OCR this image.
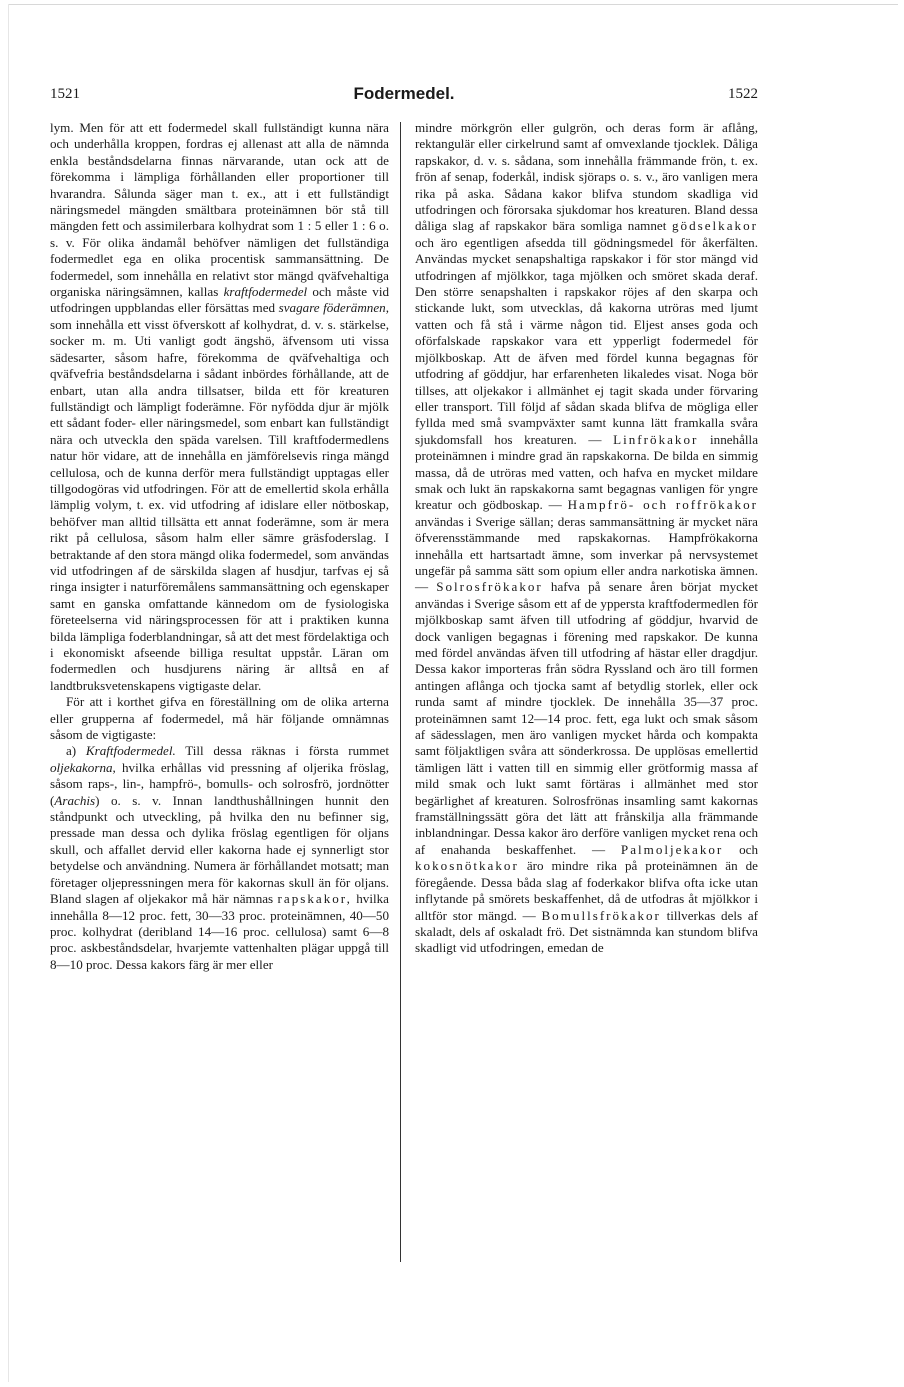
1521	Fodermedel.	1522

lym. Men för att ett fodermedel skall fullständigt kunna nära och underhålla kroppen, fordras ej allenast att alla de nämnda enkla beståndsdelarna finnas närvarande, utan ock att de förekomma i lämpliga förhållanden eller proportioner till hvarandra. Sålunda säger man t. ex., att i ett fullständigt näringsmedel mängden smältbara proteinämnen bör stå till mängden fett och assimilerbara kolhydrat som 1 : 5 eller 1 : 6 o. s. v. För olika ändamål behöfver nämligen det fullständiga fodermedlet ega en olika procentisk sammansättning. De fodermedel, som innehålla en relativt stor mängd qväfvehaltiga organiska näringsämnen, kallas kraftfodermedel och måste vid utfodringen uppblandas eller försättas med svagare föderämnen, som innehålla ett visst öfverskott af kolhydrat, d. v. s. stärkelse, socker m. m. Uti vanligt godt ängshö, äfvensom uti vissa sädesarter, såsom hafre, förekomma de qväfvehaltiga och qväfvefria beståndsdelarna i sådant inbördes förhållande, att de enbart, utan alla andra tillsatser, bilda ett för kreaturen fullständigt och lämpligt foderämne. För nyfödda djur är mjölk ett sådant foder- eller näringsmedel, som enbart kan fullständigt nära och utveckla den späda varelsen. Till kraftfodermedlens natur hör vidare, att de innehålla en jämförelsevis ringa mängd cellulosa, och de kunna derför mera fullständigt upptagas eller tillgodogöras vid utfodringen. För att de emellertid skola erhålla lämplig volym, t. ex. vid utfodring af idislare eller nötboskap, behöfver man alltid tillsätta ett annat foderämne, som är mera rikt på cellulosa, såsom halm eller sämre gräsfoderslag. I betraktande af den stora mängd olika fodermedel, som användas vid utfodringen af de särskilda slagen af husdjur, tarfvas ej så ringa insigter i naturföremålens sammansättning och egenskaper samt en ganska omfattande kännedom om de fysiologiska företeelserna vid näringsprocessen för att i praktiken kunna bilda lämpliga foderblandningar, så att det mest fördelaktiga och i ekonomiskt afseende billiga resultat uppstår. Läran om fodermedlen och husdjurens näring är alltså en af landtbruksvetenskapens vigtigaste delar.

För att i korthet gifva en föreställning om de olika arterna eller grupperna af fodermedel, må här följande omnämnas såsom de vigtigaste:

a) Kraftfodermedel. Till dessa räknas i första rummet oljekakorna, hvilka erhållas vid pressning af oljerika fröslag, såsom raps-, lin-, hampfrö-, bomulls- och solrosfrö, jordnötter (Arachis) o. s. v. Innan landthushållningen hunnit den ståndpunkt och utveckling, på hvilka den nu befinner sig, pressade man dessa och dylika fröslag egentligen för oljans skull, och affallet dervid eller kakorna hade ej synnerligt stor betydelse och användning. Numera är förhållandet motsatt; man företager oljepressningen mera för kakornas skull än för oljans. Bland slagen af oljekakor må här nämnas rapskakor, hvilka innehålla 8—12 proc. fett, 30—33 proc. proteinämnen, 40—50 proc. kolhydrat (deribland 14—16 proc. cellulosa) samt 6—8 proc. askbeståndsdelar, hvarjemte vattenhalten plägar uppgå till 8—10 proc. Dessa kakors färg är mer eller

mindre mörkgrön eller gulgrön, och deras form är aflång, rektangulär eller cirkelrund samt af omvexlande tjocklek. Dåliga rapskakor, d. v. s. sådana, som innehålla främmande frön, t. ex. frön af senap, foderkål, indisk sjöraps o. s. v., äro vanligen mera rika på aska. Sådana kakor blifva stundom skadliga vid utfodringen och förorsaka sjukdomar hos kreaturen. Bland dessa dåliga slag af rapskakor bära somliga namnet gödselkakor och äro egentligen afsedda till gödningsmedel för åkerfälten. Användas mycket senapshaltiga rapskakor i för stor mängd vid utfodringen af mjölkkor, taga mjölken och smöret skada deraf. Den större senapshalten i rapskakor röjes af den skarpa och stickande lukt, som utvecklas, då kakorna utröras med ljumt vatten och få stå i värme någon tid. Eljest anses goda och oförfalskade rapskakor vara ett ypperligt fodermedel för mjölkboskap. Att de äfven med fördel kunna begagnas för utfodring af göddjur, har erfarenheten likaledes visat. Noga bör tillses, att oljekakor i allmänhet ej tagit skada under förvaring eller transport. Till följd af sådan skada blifva de mögliga eller fyllda med små svampväxter samt kunna lätt framkalla svåra sjukdomsfall hos kreaturen. — Linfrökakor innehålla proteinämnen i mindre grad än rapskakorna. De bilda en simmig massa, då de utröras med vatten, och hafva en mycket mildare smak och lukt än rapskakorna samt begagnas vanligen för yngre kreatur och gödboskap. — Hampfrö- och roffrökakor användas i Sverige sällan; deras sammansättning är mycket nära öfverensstämmande med rapskakornas. Hampfrökakorna innehålla ett hartsartadt ämne, som inverkar på nervsystemet ungefär på samma sätt som opium eller andra narkotiska ämnen. — Solrosfrökakor hafva på senare åren börjat mycket användas i Sverige såsom ett af de yppersta kraftfodermedlen för mjölkboskap samt äfven till utfodring af göddjur, hvarvid de dock vanligen begagnas i förening med rapskakor. De kunna med fördel användas äfven till utfodring af hästar eller dragdjur. Dessa kakor importeras från södra Ryssland och äro till formen antingen aflånga och tjocka samt af betydlig storlek, eller ock runda samt af mindre tjocklek. De innehålla 35—37 proc. proteinämnen samt 12—14 proc. fett, ega lukt och smak såsom af sädesslagen, men äro vanligen mycket hårda och kompakta samt följaktligen svåra att sönderkrossa. De upplösas emellertid tämligen lätt i vatten till en simmig eller grötformig massa af mild smak och lukt samt förtäras i allmänhet med stor begärlighet af kreaturen. Solrosfrönas insamling samt kakornas framställningssätt göra det lätt att frånskilja alla främmande inblandningar. Dessa kakor äro derföre vanligen mycket rena och af enahanda beskaffenhet. — Palmoljekakor och kokosnötkakor äro mindre rika på proteinämnen än de föregående. Dessa båda slag af foderkakor blifva ofta icke utan inflytande på smörets beskaffenhet, då de utfodras åt mjölkkor i alltför stor mängd. — Bomullsfrökakor tillverkas dels af skaladt, dels af oskaladt frö. Det sistnämnda kan stundom blifva skadligt vid utfodringen, emedan de
